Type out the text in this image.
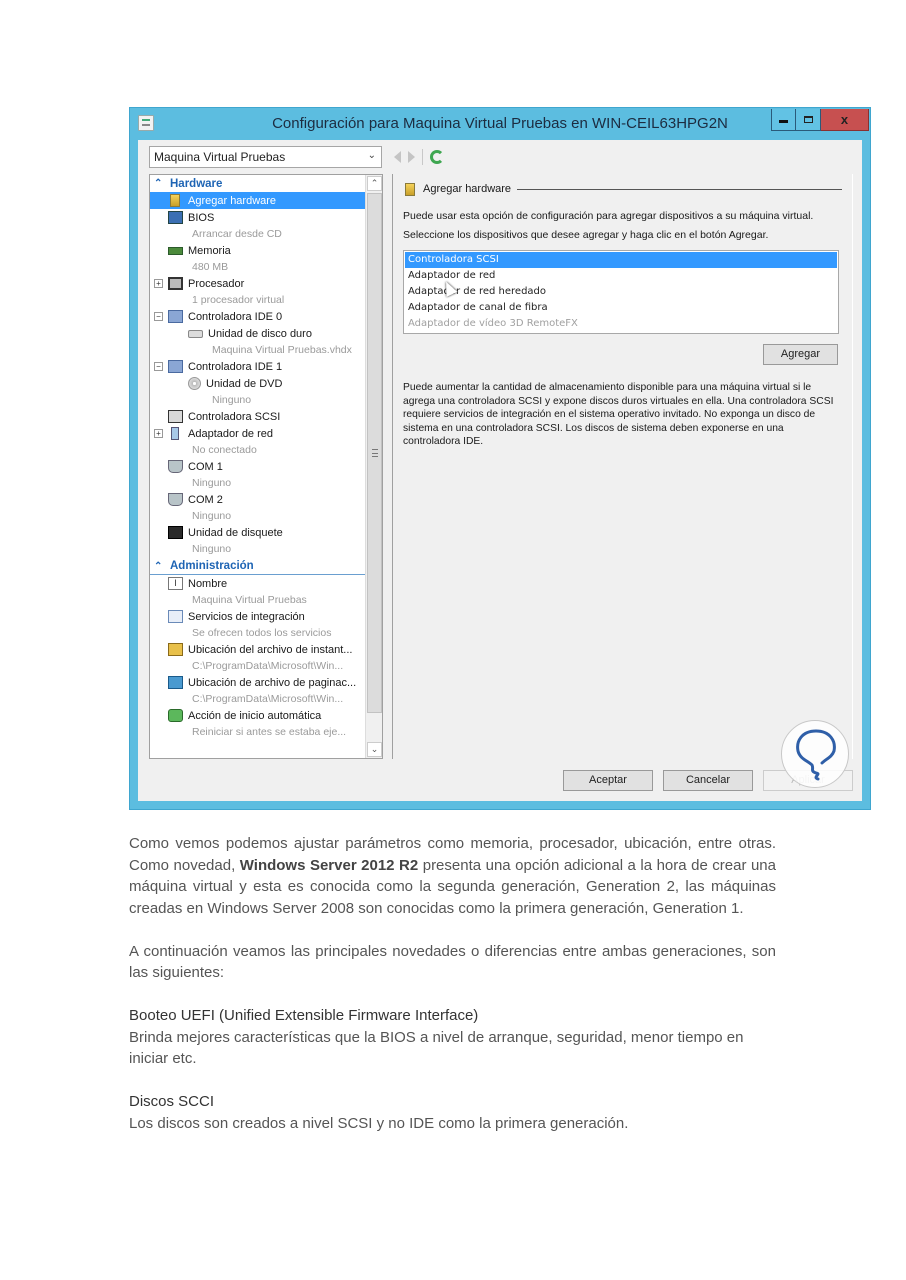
Configuración para Maquina Virtual Pruebas en WIN-CEIL63HPG2N	x
Maquina Virtual Pruebas	⌄
⌃ Hardware
Agregar hardware
BIOS
Arrancar desde CD
Memoria
480 MB
+ Procesador
1 procesador virtual
− Controladora IDE 0
Unidad de disco duro
Maquina Virtual Pruebas.vhdx
− Controladora IDE 1
Unidad de DVD
Ninguno
Controladora SCSI
+ Adaptador de red
No conectado
COM 1
Ninguno
COM 2
Ninguno
Unidad de disquete
Ninguno
⌃ Administración
I	Nombre
Maquina Virtual Pruebas
Servicios de integración
Se ofrecen todos los servicios
Ubicación del archivo de instant...
C:\ProgramData\Microsoft\Win...
Ubicación de archivo de paginac...
C:\ProgramData\Microsoft\Win...
Acción de inicio automática
Reiniciar si antes se estaba eje...
⌃
⌄
Agregar hardware
Puede usar esta opción de configuración para agregar dispositivos a su máquina virtual.
Seleccione los dispositivos que desee agregar y haga clic en el botón Agregar.
Controladora SCSI
Adaptador de red
Adaptador de red heredado
Adaptador de canal de fibra
Adaptador de vídeo 3D RemoteFX
Agregar
Puede aumentar la cantidad de almacenamiento disponible para una máquina virtual si le agrega una controladora SCSI y expone discos duros virtuales en ella. Una controladora SCSI requiere servicios de integración en el sistema operativo invitado. No exponga un disco de sistema en una controladora SCSI. Los discos de sistema deben exponerse en una controladora IDE.
Aceptar	Cancelar

Como vemos podemos ajustar parámetros como memoria, procesador, ubicación, entre otras. Como novedad, Windows Server 2012 R2 presenta una opción adicional a la hora de crear una máquina virtual y esta es conocida como la segunda generación, Generation 2, las máquinas creadas en Windows Server 2008 son conocidas como la primera generación, Generation 1.

A continuación veamos las principales novedades o diferencias entre ambas generaciones, son las siguientes:

Booteo UEFI (Unified Extensible Firmware Interface)

Brinda mejores características que la BIOS a nivel de arranque, seguridad, menor tiempo en iniciar etc.

Discos SCCI

Los discos son creados a nivel SCSI y no IDE como la primera generación.
